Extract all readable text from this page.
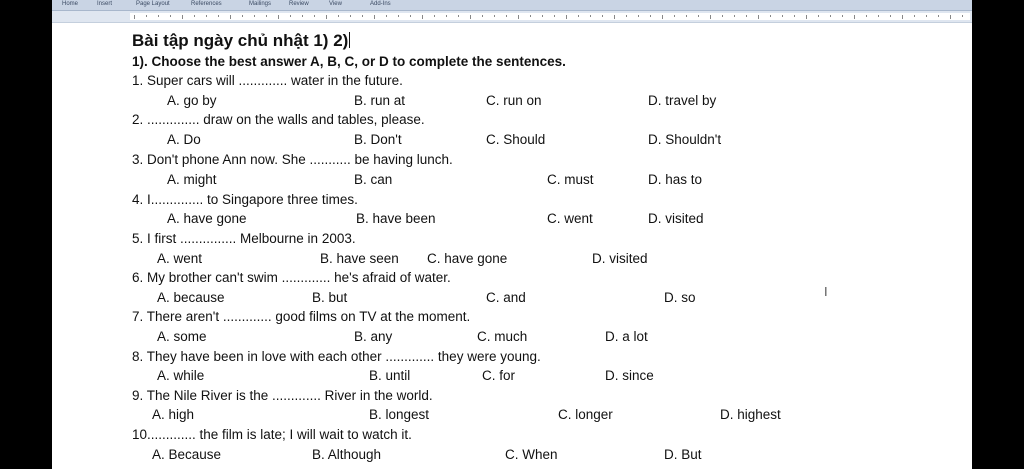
Home	Insert	Page Layout	References	Mailings	Review	View	Add-Ins
Bài tập ngày chủ nhật 1) 2)
1). Choose the best answer A, B, C, or D to complete the sentences.
1. Super cars will ............. water in the future.
A. go by	B. run at	C. run on	D. travel by
2. .............. draw on the walls and tables, please.
A. Do	B. Don't	C. Should	D. Shouldn't
3. Don't phone Ann now. She ........... be having lunch.
A. might	B. can	C. must	D. has to
4. I.............. to Singapore three times.
A. have gone	B. have been	C. went	D. visited
5. I first ............... Melbourne in 2003.
A. went	B. have seen C. have gone	D. visited
6. My brother can't swim ............. he's afraid of water.
A. because	B. but	C. and	D. so
7. There aren't ............. good films on TV at the moment.
A. some	B. any	C. much	D. a lot
8. They have been in love with each other ............. they were young.
A. while	B. until	C. for	D. since
9. The Nile River is the ............. River in the world.
A. high	B. longest	C. longer	D. highest
10............. the film is late; I will wait to watch it.
A. Because	B. Although	C. When	D. But
I
